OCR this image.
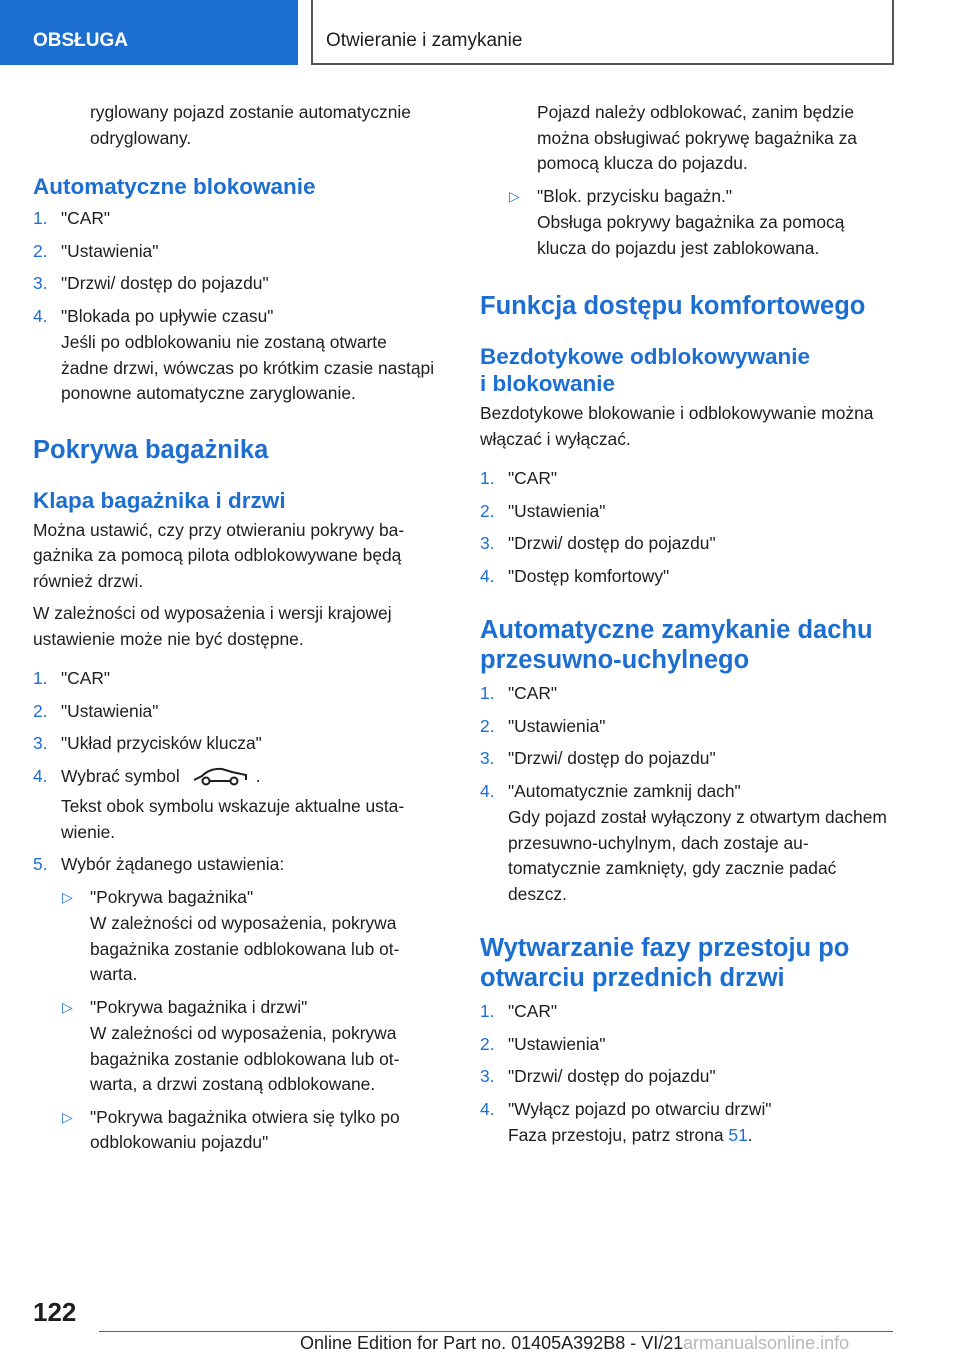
OBSŁUGA	Otwieranie i zamykanie

ryglowany pojazd zostanie automatycznie odryglowany.

Automatyczne blokowanie
1. "CAR"
2. "Ustawienia"
3. "Drzwi/ dostęp do pojazdu"
4. "Blokada po upływie czasu"

Jeśli po odblokowaniu nie zostaną otwarte żadne drzwi, wówczas po krótkim czasie nastąpi ponowne automatyczne zaryglowanie.

Pokrywa bagażnika
Klapa bagażnika i drzwi

Można ustawić, czy przy otwieraniu pokrywy bagażnika za pomocą pilota odblokowywane będą również drzwi.

W zależności od wyposażenia i wersji krajowej ustawienie może nie być dostępne.

1. "CAR"
2. "Ustawienia"
3. "Układ przycisków klucza"
4. Wybrać symbol	.

Tekst obok symbolu wskazuje aktualne ustawienie.

5. Wybór żądanego ustawienia:
▷ "Pokrywa bagażnika"

W zależności od wyposażenia, pokrywa bagażnika zostanie odblokowana lub otwarta.

▷ "Pokrywa bagażnika i drzwi"

W zależności od wyposażenia, pokrywa bagażnika zostanie odblokowana lub otwarta, a drzwi zostaną odblokowane.

▷ "Pokrywa bagażnika otwiera się tylko po odblokowaniu pojazdu"

Pojazd należy odblokować, zanim będzie można obsługiwać pokrywę bagażnika za pomocą klucza do pojazdu.

▷ "Blok. przycisku bagażn."

Obsługa pokrywy bagażnika za pomocą klucza do pojazdu jest zablokowana.

Funkcja dostępu komfortowego
Bezdotykowe odblokowywanie
i blokowanie

Bezdotykowe blokowanie i odblokowywanie można włączać i wyłączać.

1. "CAR"
2. "Ustawienia"
3. "Drzwi/ dostęp do pojazdu"
4. "Dostęp komfortowy"
Automatyczne zamykanie dachu przesuwno-uchylnego
1. "CAR"
2. "Ustawienia"
3. "Drzwi/ dostęp do pojazdu"
4. "Automatycznie zamknij dach"

Gdy pojazd został wyłączony z otwartym dachem przesuwno-uchylnym, dach zostaje automatycznie zamknięty, gdy zacznie padać deszcz.

Wytwarzanie fazy przestoju po otwarciu przednich drzwi
1. "CAR"
2. "Ustawienia"
3. "Drzwi/ dostęp do pojazdu"
4. "Wyłącz pojazd po otwarciu drzwi"

Faza przestoju, patrz strona 51.

122
Online Edition for Part no. 01405A392B8 - VI/21 armanualsonline.info
